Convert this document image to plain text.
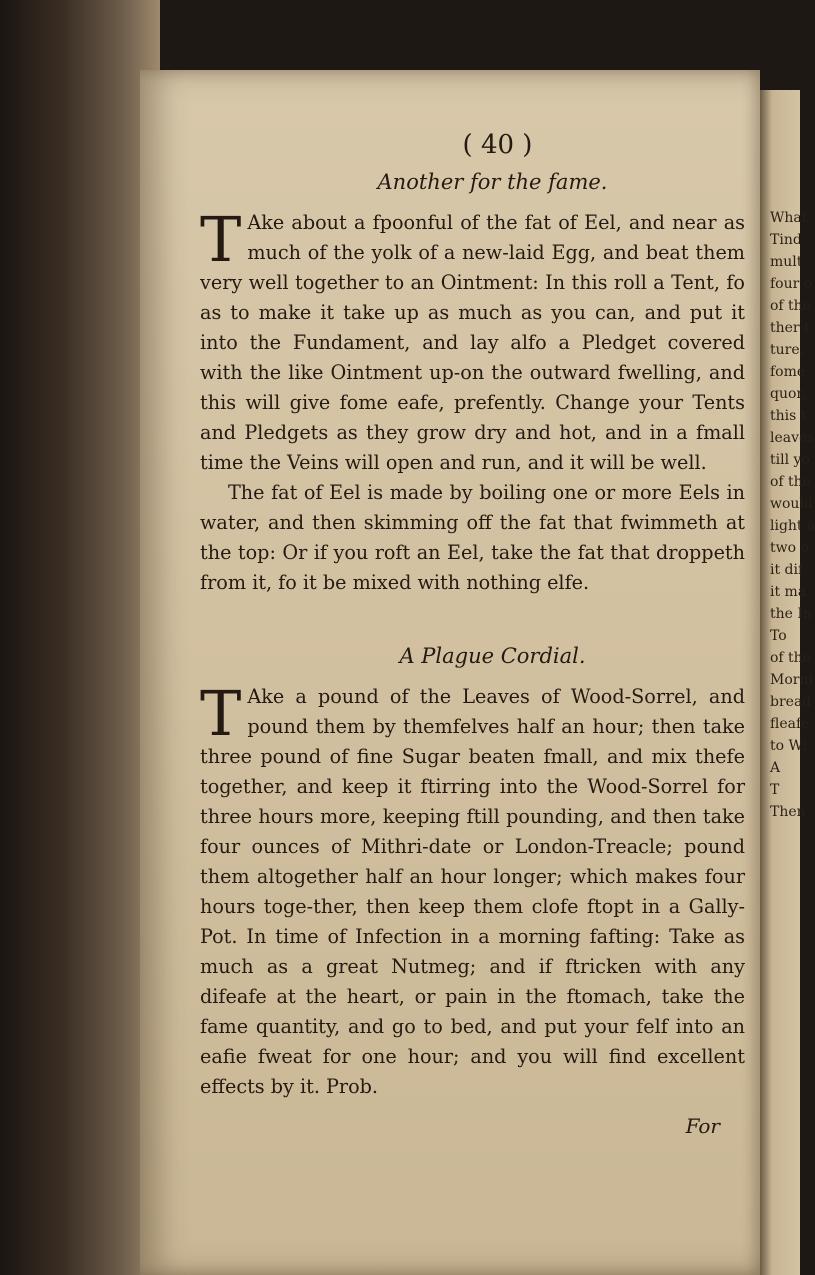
( 40 )
Another for the fame.

T Ake about a fpoonful of the fat of Eel, and near as much of the yolk of a new-laid Egg, and beat them very well together to an Ointment: In this roll a Tent, fo as to make it take up as much as you can, and put it into the Fundament, and lay alfo a Pledget covered with the like Ointment up-on the outward fwelling, and this will give fome eafe, prefently. Change your Tents and Pledgets as they grow dry and hot, and in a fmall time the Veins will open and run, and it will be well.

The fat of Eel is made by boiling one or more Eels in water, and then skimming off the fat that fwimmeth at the top: Or if you roft an Eel, take the fat that droppeth from it, fo it be mixed with nothing elfe.

A Plague Cordial.

T Ake a pound of the Leaves of Wood-Sorrel, and pound them by themfelves half an hour; then take three pound of fine Sugar beaten fmall, and mix thefe together, and keep it ftirring into the Wood-Sorrel for three hours more, keeping ftill pounding, and then take four ounces of Mithri-date or London-Treacle; pound them altogether half an hour longer; which makes four hours toge-ther, then keep them clofe ftopt in a Gally-Pot. In time of Infection in a morning fafting: Take as much as a great Nutmeg; and if ftricken with any difeafe at the heart, or pain in the ftomach, take the fame quantity, and go to bed, and put your felf into an eafie fweat for one hour; and you will find excellent effects by it. Prob.

For
What
Tind
mult
four o
of the
ther t
ture,
fome
quor,
this t
leaves
till yo
of the
would
light a
two o
it dif
it ma
the In
To
of the
Morni
bread
fleafe
to Wi
A
T
Then
